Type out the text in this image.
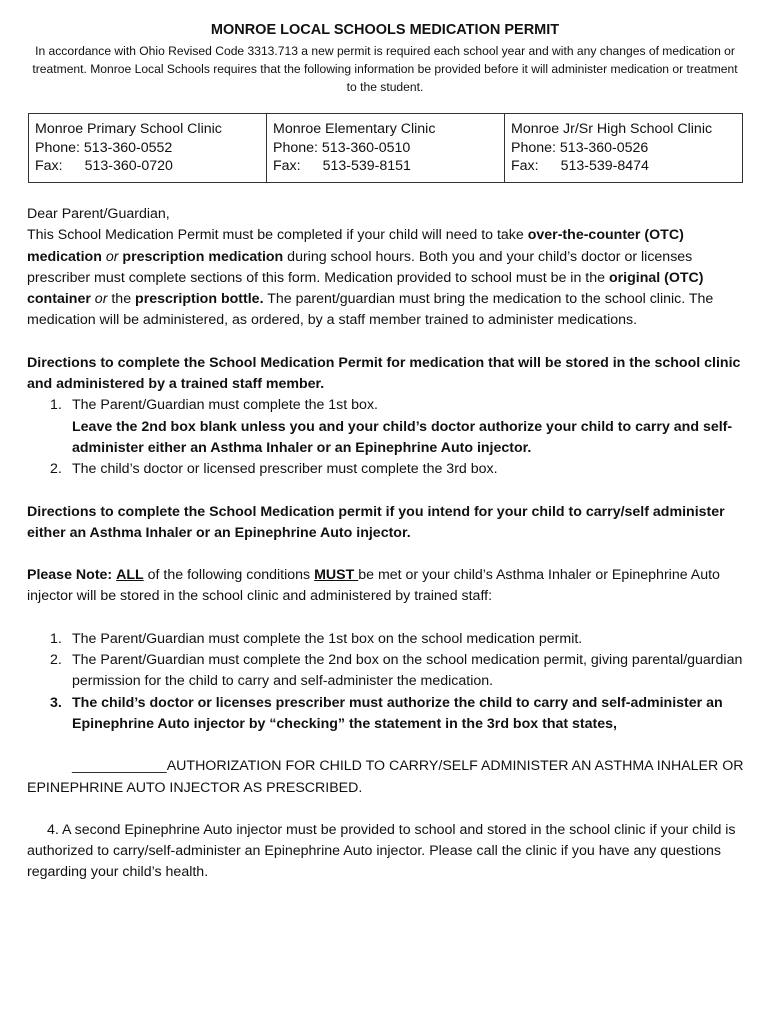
MONROE LOCAL SCHOOLS MEDICATION PERMIT
In accordance with Ohio Revised Code 3313.713 a new permit is required each school year and with any changes of medication or treatment. Monroe Local Schools requires that the following information be provided before it will administer medication or treatment to the student.
Monroe Primary School Clinic
Phone: 513-360-0552
Fax: 513-360-0720

Monroe Elementary Clinic
Phone: 513-360-0510
Fax: 513-539-8151

Monroe Jr/Sr High School Clinic
Phone: 513-360-0526
Fax: 513-539-8474

Dear Parent/Guardian,

This School Medication Permit must be completed if your child will need to take over-the-counter (OTC) medication or prescription medication during school hours. Both you and your child’s doctor or licenses prescriber must complete sections of this form. Medication provided to school must be in the original (OTC) container or the prescription bottle. The parent/guardian must bring the medication to the school clinic. The medication will be administered, as ordered, by a staff member trained to administer medications.

Directions to complete the School Medication Permit for medication that will be stored in the school clinic and administered by a trained staff member.

1. The Parent/Guardian must complete the 1st box.
Leave the 2nd box blank unless you and your child’s doctor authorize your child to carry and self-administer either an Asthma Inhaler or an Epinephrine Auto injector.
2. The child’s doctor or licensed prescriber must complete the 3rd box.

Directions to complete the School Medication permit if you intend for your child to carry/self administer either an Asthma Inhaler or an Epinephrine Auto injector.

Please Note: ALL of the following conditions MUST be met or your child’s Asthma Inhaler or Epinephrine Auto injector will be stored in the school clinic and administered by trained staff:

1. The Parent/Guardian must complete the 1st box on the school medication permit.
2. The Parent/Guardian must complete the 2nd box on the school medication permit, giving parental/guardian permission for the child to carry and self-administer the medication.
3. The child’s doctor or licenses prescriber must authorize the child to carry and self-administer an Epinephrine Auto injector by “checking” the statement in the 3rd box that states,

____________AUTHORIZATION FOR CHILD TO CARRY/SELF ADMINISTER AN ASTHMA INHALER OR EPINEPHRINE AUTO INJECTOR AS PRESCRIBED.

4. A second Epinephrine Auto injector must be provided to school and stored in the school clinic if your child is authorized to carry/self-administer an Epinephrine Auto injector. Please call the clinic if you have any questions regarding your child’s health.
